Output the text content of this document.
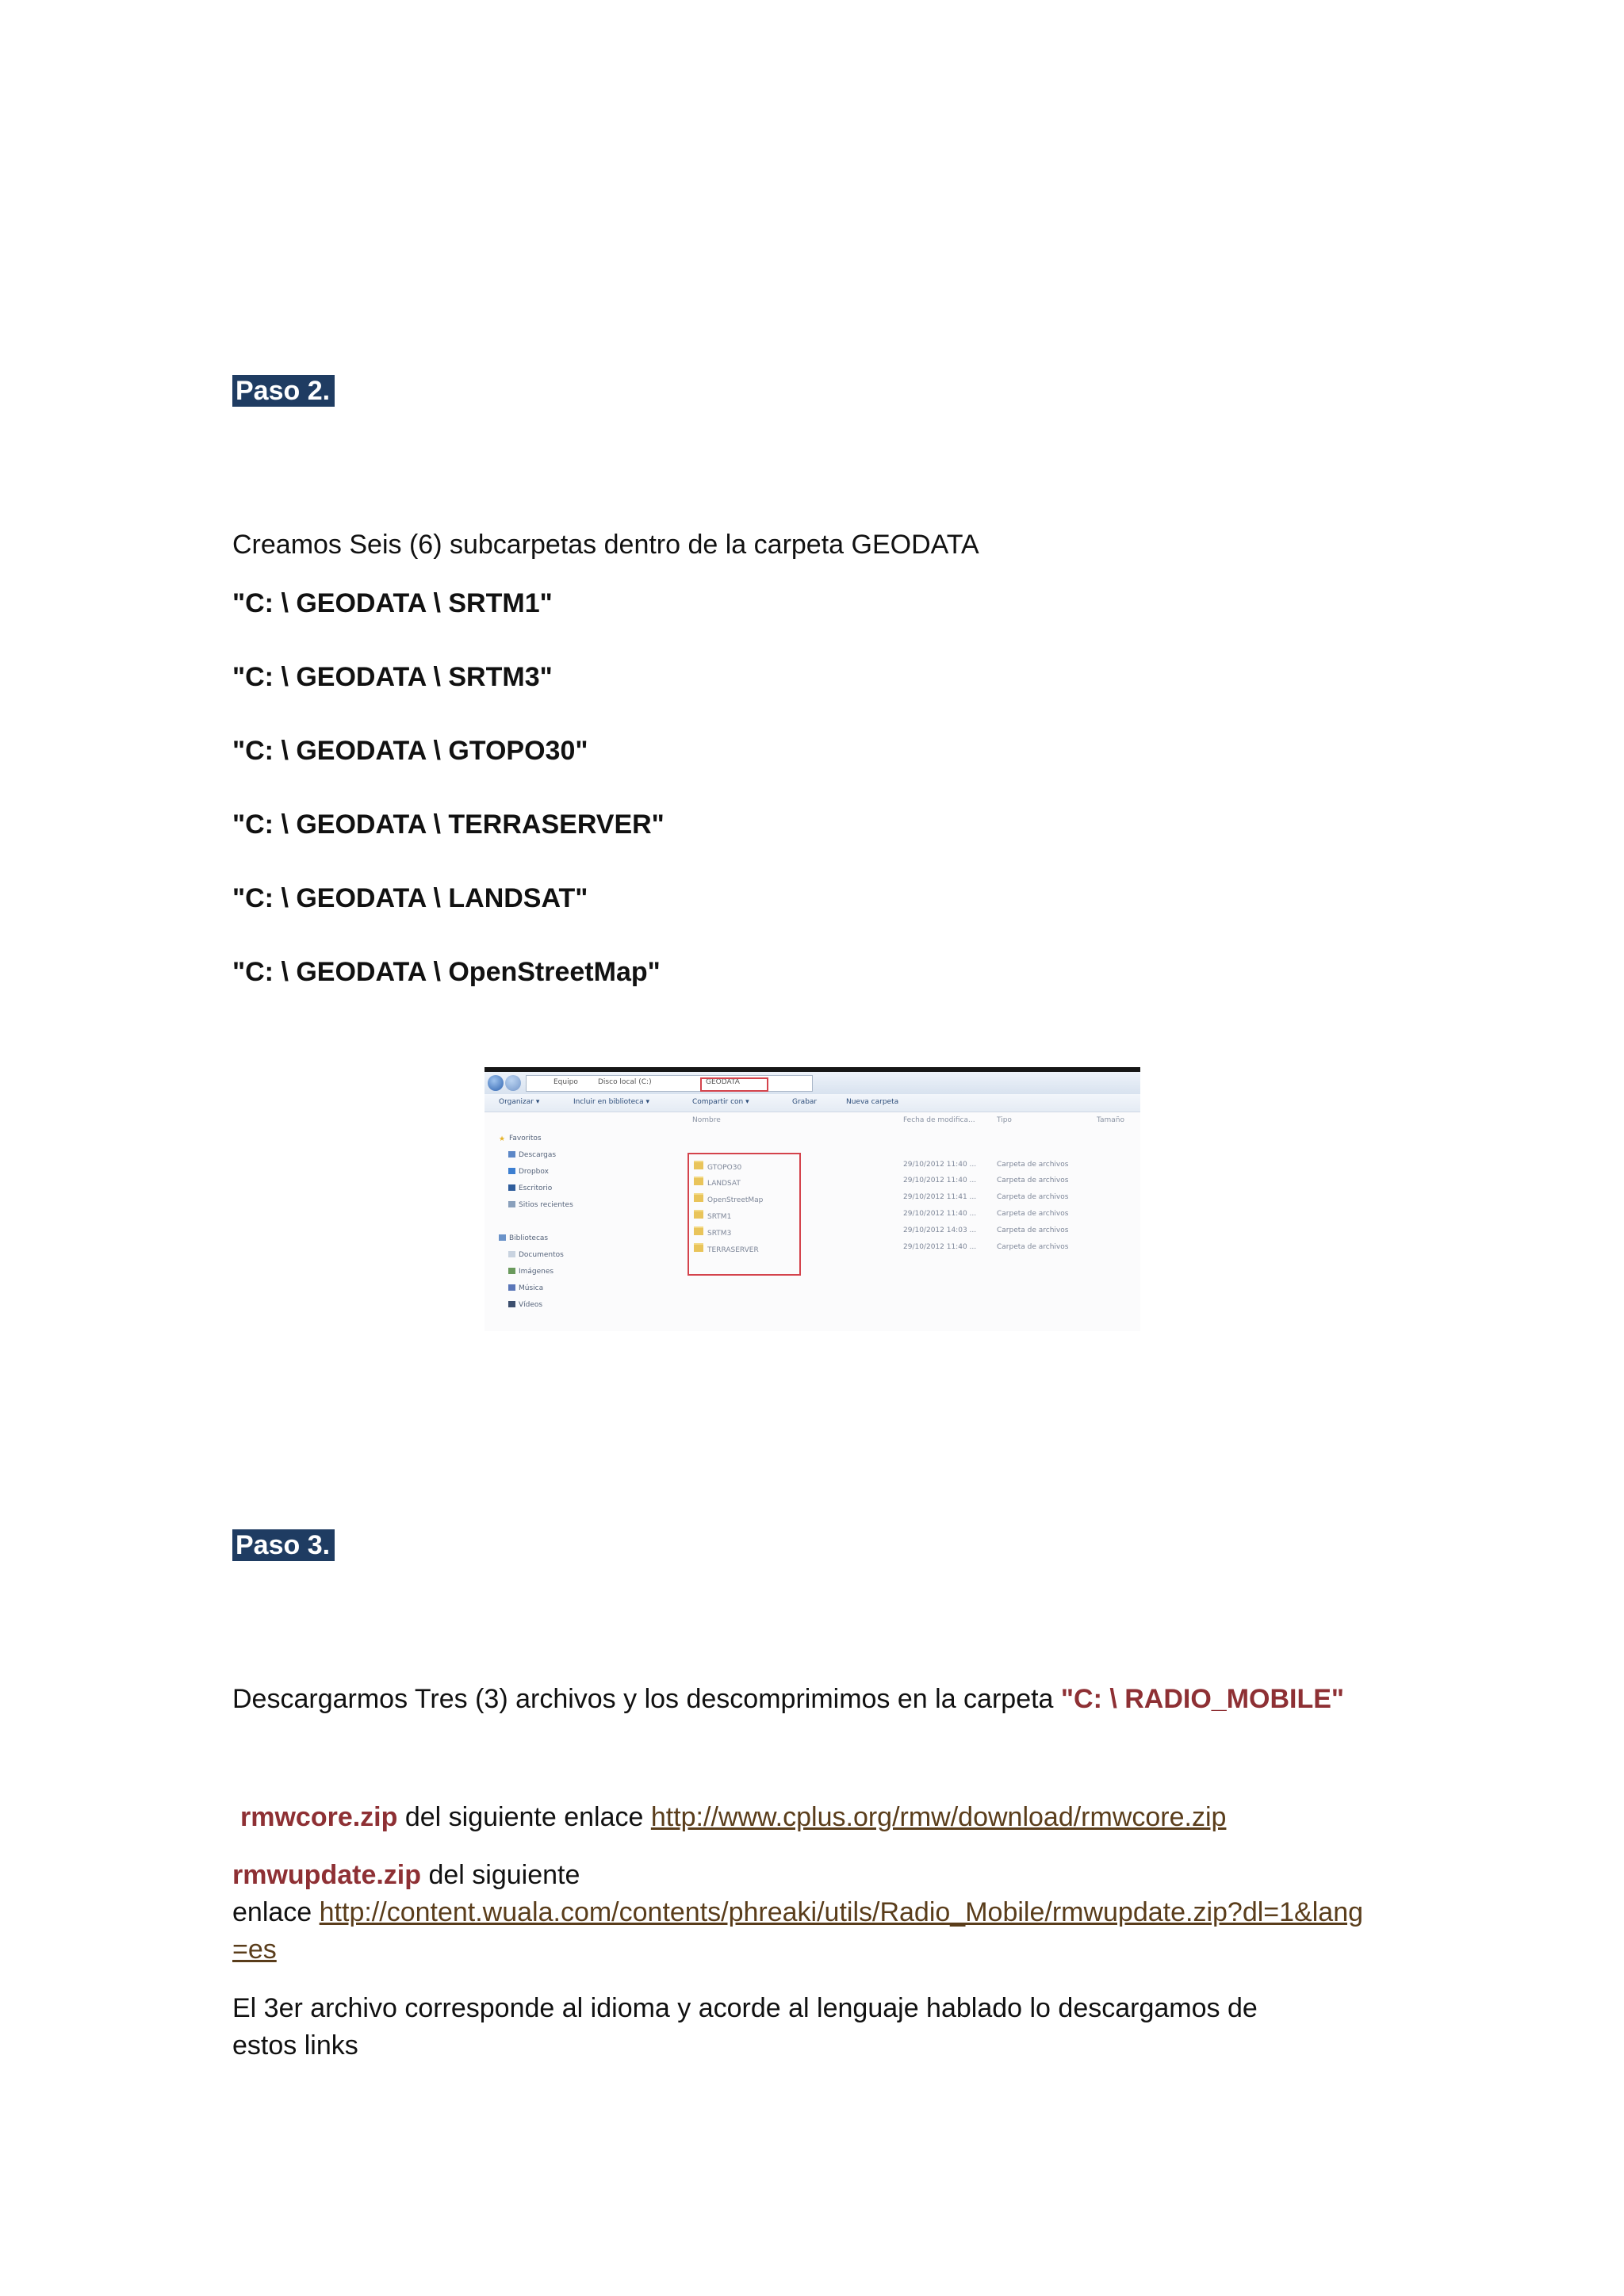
Paso 2.
Creamos Seis (6) subcarpetas dentro de la carpeta GEODATA
"C: \ GEODATA \ SRTM1"
"C: \ GEODATA \ SRTM3"
"C: \ GEODATA \ GTOPO30"
"C: \ GEODATA \ TERRASERVER"
"C: \ GEODATA \ LANDSAT"
"C: \ GEODATA \ OpenStreetMap"
Equipo	Disco local (C:)	GEODATA
Organizar ▾	Incluir en biblioteca ▾	Compartir con ▾	Grabar	Nueva carpeta
★ Favoritos
Descargas
Dropbox
Escritorio
Sitios recientes
Bibliotecas
Documentos
Imágenes
Música
Vídeos
Nombre	Fecha de modifica...	Tipo	Tamaño
GTOPO30	29/10/2012 11:40 ...	Carpeta de archivos
LANDSAT	29/10/2012 11:40 ...	Carpeta de archivos
OpenStreetMap	29/10/2012 11:41 ...	Carpeta de archivos
SRTM1	29/10/2012 11:40 ...	Carpeta de archivos
SRTM3	29/10/2012 14:03 ...	Carpeta de archivos
TERRASERVER	29/10/2012 11:40 ...	Carpeta de archivos
Paso 3.
Descargarmos Tres (3) archivos y los descomprimimos en la carpeta "C: \ RADIO_MOBILE"
rmwcore.zip del siguiente enlace http://www.cplus.org/rmw/download/rmwcore.zip
rmwupdate.zip del siguiente
enlace http://content.wuala.com/contents/phreaki/utils/Radio_Mobile/rmwupdate.zip?dl=1&lang
=es
El 3er archivo corresponde al idioma y acorde al lenguaje hablado lo descargamos de
estos links
